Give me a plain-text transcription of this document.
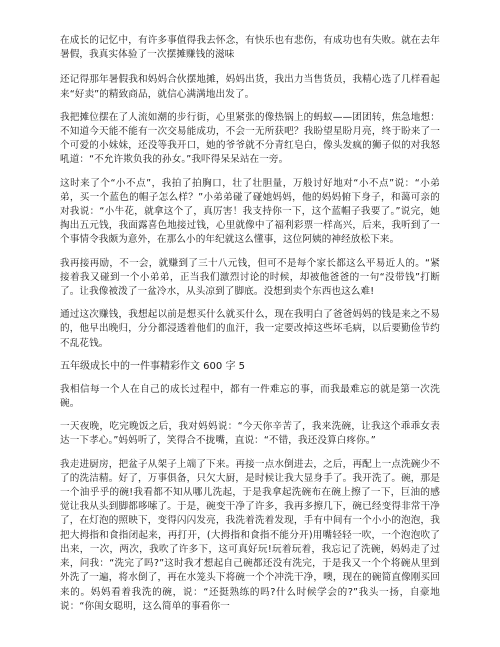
在成长的记忆中，有许多事值得我去怀念，有快乐也有悲伤，有成功也有失败。就在去年暑假，我真实体验了一次摆摊赚钱的滋味

还记得那年暑假我和妈妈合伙摆地摊，妈妈出货，我出力当售货员，我精心选了几样看起来“好卖”的精致商品，就信心满满地出发了。

我把摊位摆在了人流如潮的步行街，心里紧张的像热锅上的蚂蚁——团团转，焦急地想：不知道今天能不能有一次交易能成功，不会一无所获吧？我盼望星盼月亮，终于盼来了一个可爱的小妹妹，还没等我开口，她的爷爷就不分青红皂白，像头发疯的狮子似的对我怒吼道：“不允许欺负我的孙女。”我吓得呆呆站在一旁。

这时来了个“小不点”，我拍了拍胸口，壮了壮胆量，万般讨好地对“小不点”说：“小弟弟，买一个蓝色的帽子怎么样？”小弟弟碰了碰她妈妈，他的妈妈俯下身子，和蔼可亲的对我说：“小牛花，就拿这个了，真厉害！我支持你一下，这个蓝帽子我要了。”说完，她掏出五元钱，我面露喜色地接过钱，心里就像中了福利彩票一样高兴，后来，我听到了一个事情令我颇为意外，在那么小的年纪就这么懂事，这位阿姨的神经放松下来。

我再接再励，不一会，就赚到了三十八元钱，但可不是每个家长都这么平易近人的。“紧接着我又碰到一个小弟弟，正当我们激烈讨论的时候，却被他爸爸的一句“没带钱”打断了。让我像被泼了一盆冷水，从头凉到了脚底。没想到卖个东西也这么难!

通过这次赚钱，我想起以前是想买什么就买什么，现在我明白了爸爸妈妈的钱是来之不易的，他早出晚归，分分都浸透着他们的血汗，我一定要改掉这些坏毛病，以后要勤俭节约不乱花钱。

五年级成长中的一件事精彩作文 600 字 5

我相信每一个人在自己的成长过程中，都有一件难忘的事，而我最难忘的就是第一次洗碗。

一天夜晚，吃完晚饭之后，我对妈妈说：“今天你辛苦了，我来洗碗，让我这个乖乖女表达一下孝心。”妈妈听了，笑得合不拢嘴，直说：“不错，我还没算白疼你。”

我走进厨房，把盆子从架子上端了下来。再接一点水倒进去，之后，再配上一点洗碗少不了的洗洁精。好了，万事俱备，只欠大厨，是时候让我大显身手了。我开洗了。碗，那是一个油乎乎的碗!我看都不知从哪儿洗起，于是我拿起洗碗布在碗上擦了一下，巨油的感觉让我从头到脚都哆嗦了。于是，碗变干净了许多，我再多擦几下，碗已经变得非常干净了，在灯泡的照映下，变得闪闪发亮，我洗着洗着发现，手有中间有一个小小的泡泡，我把大拇指和食指闭起来，再打开，(大拇指和食指不能分开)用嘴轻轻一吹，一个泡泡吹了出来，一次，两次，我吹了许多下，这可真好玩!玩着玩着，我忘记了洗碗，妈妈走了过来，问我：“洗完了吗?”这时我才想起自己碗都还没有洗完，于是我又一个个将碗从里到外洗了一遍，将水倒了，再在水笼头下将碗一个个冲洗干净，噢，现在的碗简直像刚买回来的。妈妈看着我洗的碗，说：“还挺熟练的吗?什么时候学会的?”我头一扬，自豪地说：“你闺女聪明，这么简单的事看你一
